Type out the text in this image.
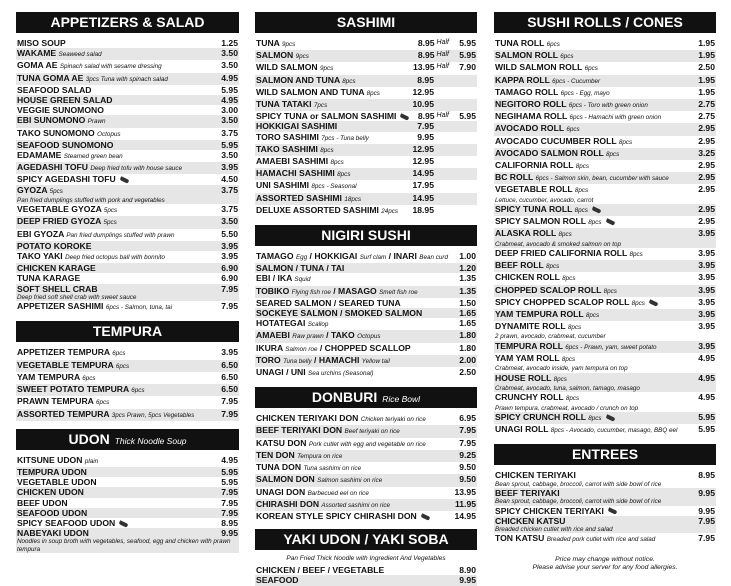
APPETIZERS & SALAD
MISO SOUP	1.25
WAKAME Seaweed salad	3.50
GOMA AE Spinach salad with sesame dressing	3.50
TUNA GOMA AE 3pcs Tuna with spinach salad	4.95
SEAFOOD SALAD	5.95
HOUSE GREEN SALAD	4.95
VEGGIE SUNOMONO	3.00
EBI SUNOMONO Prawn	3.50
TAKO SUNOMONO Octopus	3.75
SEAFOOD SUNOMONO	5.95
EDAMAME Steamed green bean	3.50
AGEDASHI TOFU Deep fried tofu with house sauce	3.95
SPICY AGEDASHI TOFU	4.50
GYOZA 5pcs	3.75
Pan fried dumplings stuffed with pork and vegetables
VEGETABLE GYOZA 5pcs	3.75
DEEP FRIED GYOZA 5pcs	3.50
EBI GYOZA Pan fried dumplings stuffed with prawn	5.50
POTATO KOROKE	3.95
TAKO YAKI Deep fried octopus ball with bonnito	3.95
CHICKEN KARAGE	6.90
TUNA KARAGE	6.90
SOFT SHELL CRAB	7.95
Deep fried soft shell crab with sweet sauce
APPETIZER SASHIMI 6pcs - Salmon, tuna, tai	7.95
TEMPURA
APPETIZER TEMPURA 6pcs	3.95
VEGETABLE TEMPURA 6pcs	6.50
YAM TEMPURA 6pcs	6.50
SWEET POTATO TEMPURA 6pcs	6.50
PRAWN TEMPURA 6pcs	7.95
ASSORTED TEMPURA 3pcs Prawn, 5pcs Vegetables	7.95
UDON Thick Noodle Soup
KITSUNE UDON plain	4.95
TEMPURA UDON	5.95
VEGETABLE UDON	5.95
CHICKEN UDON	7.95
BEEF UDON	7.95
SEAFOOD UDON	7.95
SPICY SEAFOOD UDON	8.95
NABEYAKI UDON	9.95
Noodles in soup broth with vegetables, seafood, egg and chicken with prawn tempura
SASHIMI
TUNA 9pcs	8.95 Half	5.95
SALMON 9pcs	8.95 Half	5.95
WILD SALMON 9pcs	13.95 Half	7.90
SALMON AND TUNA 8pcs	8.95
WILD SALMON AND TUNA 8pcs	12.95
TUNA TATAKI 7pcs	10.95
SPICY TUNA or SALMON SASHIMI	8.95 Half	5.95
HOKKIGAI SASHIMI	7.95
TORO SASHIMI 7pcs - Tuna belly	9.95
TAKO SASHIMI 8pcs	12.95
AMAEBI SASHIMI 8pcs	12.95
HAMACHI SASHIMI 8pcs	14.95
UNI SASHIMI 8pcs - Seasonal	17.95
ASSORTED SASHIMI 18pcs	14.95
DELUXE ASSORTED SASHIMI 24pcs	18.95
NIGIRI SUSHI
TAMAGO Egg / HOKKIGAI Surf clam / INARI Bean curd	1.00
SALMON / TUNA / TAI	1.20
EBI / IKA Squid	1.35
TOBIKO Flying fish roe / MASAGO Smelt fish roe	1.35
SEARED SALMON / SEARED TUNA	1.50
SOCKEYE SALMON / SMOKED SALMON	1.65
HOTATEGAI Scallop	1.65
AMAEBI Raw prawn / TAKO Octopus	1.80
IKURA Salmon roe / CHOPPED SCALLOP	1.80
TORO Tuna belly / HAMACHI Yellow tail	2.00
UNAGI / UNI Sea urchins (Seasonal)	2.50
DONBURI Rice Bowl
CHICKEN TERIYAKI DON Chicken teriyaki on rice	6.95
BEEF TERIYAKI DON Beef teriyaki on rice	7.95
KATSU DON Pork cutlet with egg and vegetable on rice	7.95
TEN DON Tempura on rice	9.25
TUNA DON Tuna sashimi on rice	9.50
SALMON DON Salmon sashimi on rice	9.50
UNAGI DON Barbecued eel on rice	13.95
CHIRASHI DON Assorted sashimi on rice	11.95
KOREAN STYLE SPICY CHIRASHI DON	14.95
YAKI UDON / YAKI SOBA
Pan Fried Thick Noodle with Ingredient And Vegetables
CHICKEN / BEEF / VEGETABLE	8.90
SEAFOOD	9.95
SUSHI ROLLS / CONES
TUNA ROLL 6pcs	1.95
SALMON ROLL 6pcs	1.95
WILD SALMON ROLL 6pcs	2.50
KAPPA ROLL 6pcs - Cucumber	1.95
TAMAGO ROLL 6pcs - Egg, mayo	1.95
NEGITORO ROLL 6pcs - Toro with green onion	2.75
NEGIHAMA ROLL 6pcs - Hamachi with green onion	2.75
AVOCADO ROLL 6pcs	2.95
AVOCADO CUCUMBER ROLL 8pcs	2.95
AVOCADO SALMON ROLL 8pcs	3.25
CALIFORNIA ROLL 8pcs	2.95
BC ROLL 6pcs - Salmon skin, bean, cucumber with sauce	2.95
VEGETABLE ROLL 8pcs	2.95
Lettuce, cucumber, avocado, carrot
SPICY TUNA ROLL 8pcs	2.95
SPICY SALMON ROLL 8pcs	2.95
ALASKA ROLL 8pcs	3.95
Crabmeat, avocado & smoked salmon on top
DEEP FRIED CALIFORNIA ROLL 8pcs	3.95
BEEF ROLL 8pcs	3.95
CHICKEN ROLL 8pcs	3.95
CHOPPED SCALOP ROLL 8pcs	3.95
SPICY CHOPPED SCALOP ROLL 8pcs	3.95
YAM TEMPURA ROLL 8pcs	3.95
DYNAMITE ROLL 8pcs	3.95
2 prawn, avocado, crabmeat, cucumber
TEMPURA ROLL 6pcs - Prawn, yam, sweet potato	3.95
YAM YAM ROLL 8pcs	4.95
Crabmeat, avocado inside, yam tempura on top
HOUSE ROLL 8pcs	4.95
Crabmeat, avocado, tuna, salmon, tamago, masago
CRUNCHY ROLL 8pcs	4.95
Prawn tempura, crabmeat, avocado / crunch on top
SPICY CRUNCH ROLL 8pcs	5.95
UNAGI ROLL 8pcs - Avocado, cucumber, masago, BBQ eel	5.95
ENTREES
CHICKEN TERIYAKI	8.95
Bean sprout, cabbage, broccoli, carrot with side bowl of rice
BEEF TERIYAKI	9.95
Bean sprout, cabbage, broccoli, carrot with side bowl of rice
SPICY CHICKEN TERIYAKI	9.95
CHICKEN KATSU	7.95
Breaded chicken cutlet with rice and salad
TON KATSU Breaded pork cutlet with rice and salad	7.95
Price may change without notice.
Please advise your server for any food allergies.
